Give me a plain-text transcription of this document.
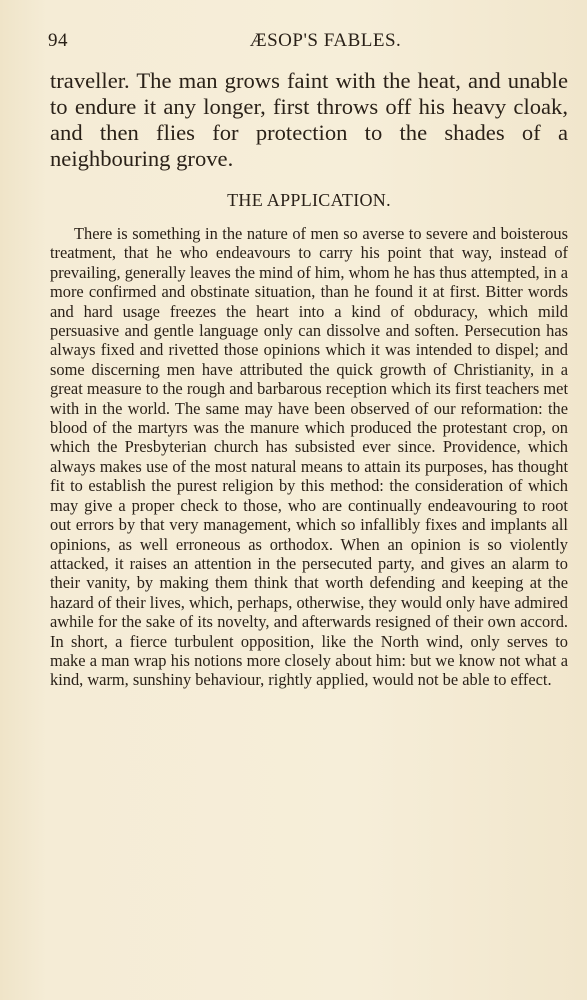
94	ÆSOP'S FABLES.

traveller. The man grows faint with the heat, and unable to endure it any longer, first throws off his heavy cloak, and then flies for protection to the shades of a neighbouring grove.

THE APPLICATION.

There is something in the nature of men so averse to severe and boisterous treatment, that he who endeavours to carry his point that way, instead of prevailing, generally leaves the mind of him, whom he has thus attempted, in a more confirmed and obstinate situation, than he found it at first. Bitter words and hard usage freezes the heart into a kind of obduracy, which mild persuasive and gentle language only can dissolve and soften. Persecution has always fixed and rivetted those opinions which it was intended to dispel; and some discerning men have attributed the quick growth of Christianity, in a great measure to the rough and barbarous reception which its first teachers met with in the world. The same may have been observed of our reformation: the blood of the martyrs was the manure which produced the protestant crop, on which the Presbyterian church has subsisted ever since. Providence, which always makes use of the most natural means to attain its purposes, has thought fit to establish the purest religion by this method: the consideration of which may give a proper check to those, who are continually endeavouring to root out errors by that very management, which so infallibly fixes and implants all opinions, as well erroneous as orthodox. When an opinion is so violently attacked, it raises an attention in the persecuted party, and gives an alarm to their vanity, by making them think that worth defending and keeping at the hazard of their lives, which, perhaps, otherwise, they would only have admired awhile for the sake of its novelty, and afterwards resigned of their own accord. In short, a fierce turbulent opposition, like the North wind, only serves to make a man wrap his notions more closely about him: but we know not what a kind, warm, sunshiny behaviour, rightly applied, would not be able to effect.
